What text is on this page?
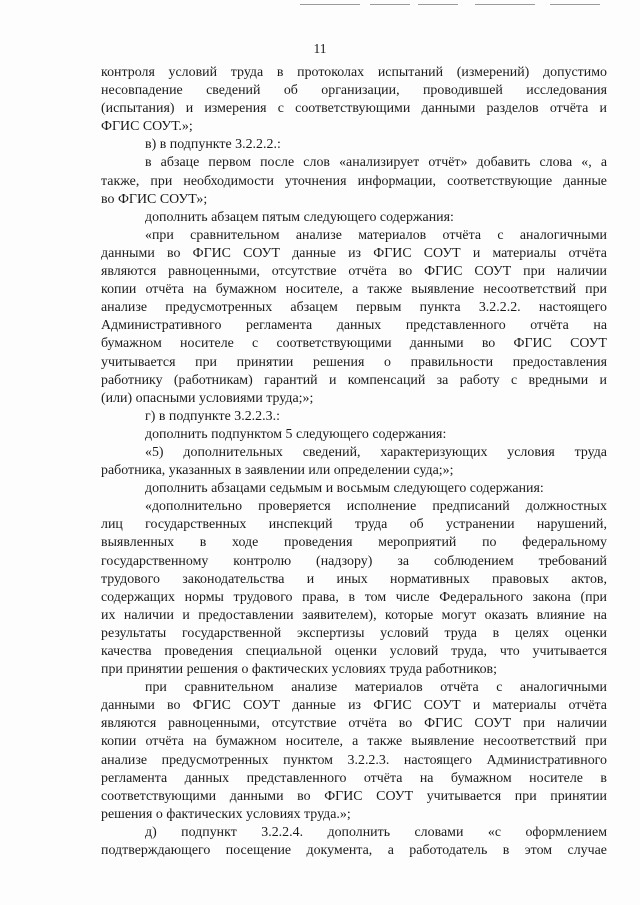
11
контроля условий труда в протоколах испытаний (измерений) допустимо
несовпадение сведений об организации, проводившей исследования
(испытания) и измерения с соответствующими данными разделов отчёта и
ФГИС СОУТ.»;
в) в подпункте 3.2.2.2.:
в абзаце первом после слов «анализирует отчёт» добавить слова «, а
также, при необходимости уточнения информации, соответствующие данные
во ФГИС СОУТ»;
дополнить абзацем пятым следующего содержания:
«при сравнительном анализе материалов отчёта с аналогичными
данными во ФГИС СОУТ данные из ФГИС СОУТ и материалы отчёта
являются равноценными, отсутствие отчёта во ФГИС СОУТ при наличии
копии отчёта на бумажном носителе, а также выявление несоответствий при
анализе предусмотренных абзацем первым пункта 3.2.2.2. настоящего
Административного регламента данных представленного отчёта на
бумажном носителе с соответствующими данными во ФГИС СОУТ
учитывается при принятии решения о правильности предоставления
работнику (работникам) гарантий и компенсаций за работу с вредными и
(или) опасными условиями труда;»;
г) в подпункте 3.2.2.3.:
дополнить подпунктом 5 следующего содержания:
«5) дополнительных сведений, характеризующих условия труда
работника, указанных в заявлении или определении суда;»;
дополнить абзацами седьмым и восьмым следующего содержания:
«дополнительно проверяется исполнение предписаний должностных
лиц государственных инспекций труда об устранении нарушений,
выявленных в ходе проведения мероприятий по федеральному
государственному контролю (надзору) за соблюдением требований
трудового законодательства и иных нормативных правовых актов,
содержащих нормы трудового права, в том числе Федерального закона (при
их наличии и предоставлении заявителем), которые могут оказать влияние на
результаты государственной экспертизы условий труда в целях оценки
качества проведения специальной оценки условий труда, что учитывается
при принятии решения о фактических условиях труда работников;
при сравнительном анализе материалов отчёта с аналогичными
данными во ФГИС СОУТ данные из ФГИС СОУТ и материалы отчёта
являются равноценными, отсутствие отчёта во ФГИС СОУТ при наличии
копии отчёта на бумажном носителе, а также выявление несоответствий при
анализе предусмотренных пунктом 3.2.2.3. настоящего Административного
регламента данных представленного отчёта на бумажном носителе в
соответствующими данными во ФГИС СОУТ учитывается при принятии
решения о фактических условиях труда.»;
д) подпункт 3.2.2.4. дополнить словами «с оформлением
подтверждающего посещение документа, а работодатель в этом случае
